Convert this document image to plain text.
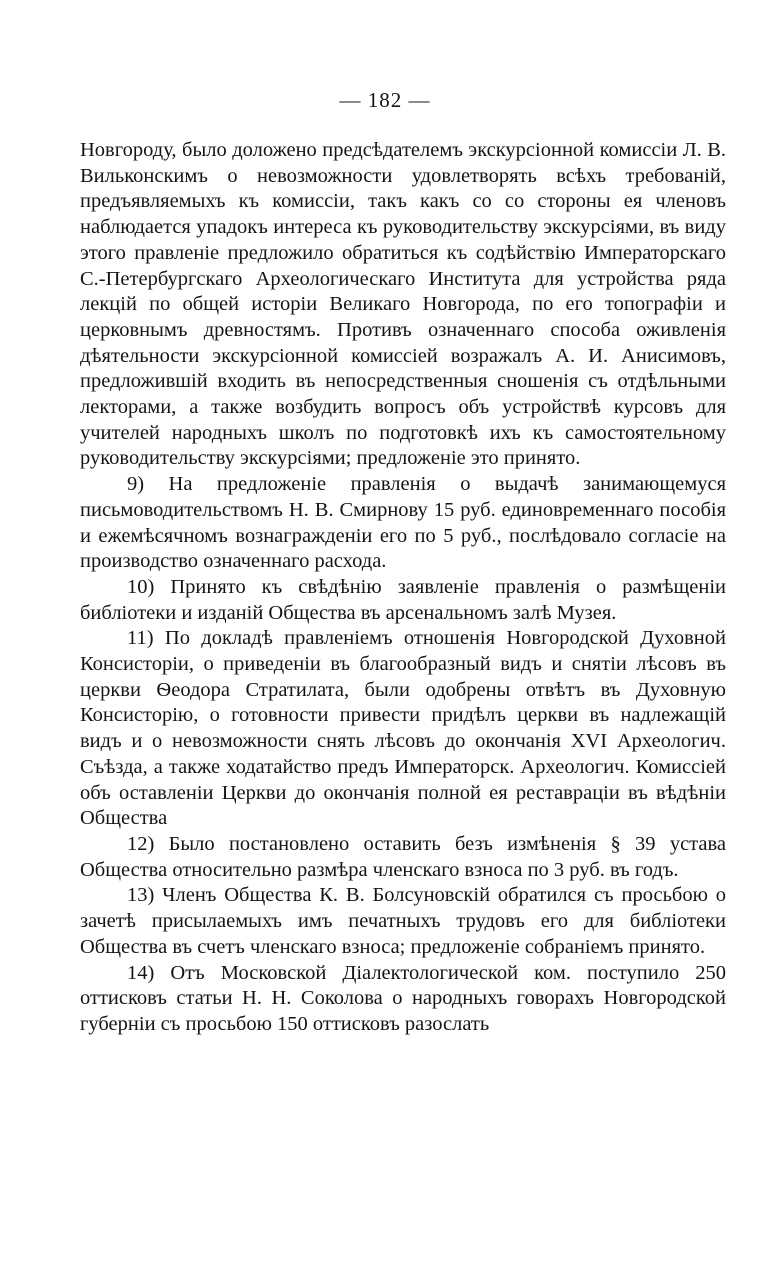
— 182 —

Новгороду, было доложено предсѣдателемъ экскурсіонной комиссіи Л. В. Вильконскимъ о невозможности удовлетворять всѣхъ требованій, предъявляемыхъ къ комиссіи, такъ какъ со со стороны ея членовъ наблюдается упадокъ интереса къ руководительству экскурсіями, въ виду этого правленіе предложило обратиться къ содѣйствію Императорскаго С.-Петербургскаго Археологическаго Института для устройства ряда лекцій по общей исторіи Великаго Новгорода, по его топографіи и церковнымъ древностямъ. Противъ означеннаго способа оживленія дѣятельности экскурсіонной комиссіей возражалъ А. И. Анисимовъ, предложившій входить въ непосредственныя сношенія съ отдѣльными лекторами, а также возбудить вопросъ объ устройствѣ курсовъ для учителей народныхъ школъ по подготовкѣ ихъ къ самостоятельному руководительству экскурсіями; предложеніе это принято.

9) На предложеніе правленія о выдачѣ занимающемуся письмоводительствомъ Н. В. Смирнову 15 руб. единовременнаго пособія и ежемѣсячномъ вознагражденіи его по 5 руб., послѣдовало согласіе на производство означеннаго расхода.

10) Принято къ свѣдѣнію заявленіе правленія о размѣщеніи библіотеки и изданій Общества въ арсенальномъ залѣ Музея.

11) По докладѣ правленіемъ отношенія Новгородской Духовной Консисторіи, о приведеніи въ благообразный видъ и снятіи лѣсовъ въ церкви Ѳеодора Стратилата, были одобрены отвѣтъ въ Духовную Консисторію, о готовности привести придѣлъ церкви въ надлежащій видъ и о невозможности снять лѣсовъ до окончанія XVI Археологич. Съѣзда, а также ходатайство предъ Императорск. Археологич. Комиссіей объ оставленіи Церкви до окончанія полной ея реставраціи въ вѣдѣніи Общества

12) Было постановлено оставить безъ измѣненія § 39 устава Общества относительно размѣра членскаго взноса по 3 руб. въ годъ.

13) Членъ Общества К. В. Болсуновскій обратился съ просьбою о зачетѣ присылаемыхъ имъ печатныхъ трудовъ его для библіотеки Общества въ счетъ членскаго взноса; предложеніе собраніемъ принято.

14) Отъ Московской Діалектологической ком. поступило 250 оттисковъ статьи Н. Н. Соколова о народныхъ говорахъ Новгородской губерніи съ просьбою 150 оттисковъ разослать
